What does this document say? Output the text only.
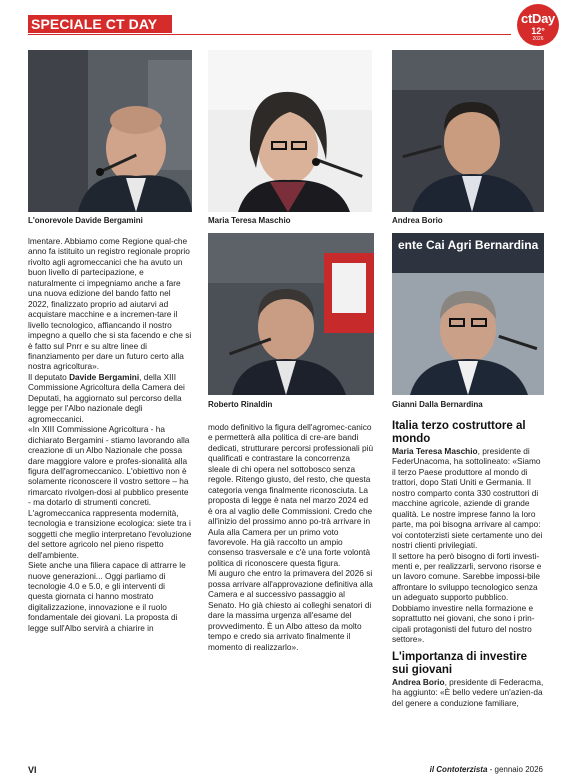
SPECIALE CT DAY	ctDay
12°
2026
L'onorevole Davide Bergamini	Maria Teresa Maschio	Andrea Borio
Roberto Rinaldin
ente Cai Agri Bernardina
Gianni Dalla Bernardina

lmentare. Abbiamo come Regione qual-che anno fa istituito un registro regionale proprio rivolto agli agromeccanici che ha avuto un buon livello di partecipazione, e naturalmente ci impegniamo anche a fare una nuova edizione del bando fatto nel 2022, finalizzato proprio ad aiutarvi ad acquistare macchine e a incremen-tare il livello tecnologico, affiancando il nostro impegno a quello che si sta facendo e che si è fatto sul Pnrr e su altre linee di finanziamento per dare un futuro certo alla nostra agricoltura».

Il deputato Davide Bergamini, della XIII Commissione Agricoltura della Camera dei Deputati, ha aggiornato sul percorso della legge per l'Albo nazionale degli agromeccanici.

«In XIII Commissione Agricoltura - ha dichiarato Bergamini - stiamo lavorando alla creazione di un Albo Nazionale che possa dare maggiore valore e profes-sionalità alla figura dell'agromeccanico. L'obiettivo non è solamente riconoscere il vostro settore – ha rimarcato rivolgen-dosi al pubblico presente - ma dotarlo di strumenti concreti. L'agromeccanica rappresenta modernità, tecnologia e transizione ecologica: siete tra i soggetti che meglio interpretano l'evoluzione del settore agricolo nel pieno rispetto dell'ambiente.

Siete anche una filiera capace di attrarre le nuove generazioni... Oggi parliamo di tecnologie 4.0 e 5.0, e gli interventi di questa giornata ci hanno mostrato digitalizzazione, innovazione e il ruolo fondamentale dei giovani. La proposta di legge sull'Albo servirà a chiarire in

modo definitivo la figura dell'agromec-canico e permetterà alla politica di cre-are bandi dedicati, strutturare percorsi professionali più qualificati e contrastare la concorrenza sleale di chi opera nel sottobosco senza regole. Ritengo giusto, del resto, che questa categoria venga finalmente riconosciuta. La proposta di legge è nata nel marzo 2024 ed è ora al vaglio delle Commissioni. Credo che all'inizio del prossimo anno po-trà arrivare in Aula alla Camera per un primo voto favorevole. Ha già raccolto un ampio consenso trasversale e c'è una forte volontà politica di riconoscere questa figura.

Mi auguro che entro la primavera del 2026 si possa arrivare all'approvazione definitiva alla Camera e al successivo passaggio al Senato. Ho già chiesto ai colleghi senatori di dare la massima urgenza all'esame del provvedimento. È un Albo atteso da molto tempo e credo sia arrivato finalmente il momento di realizzarlo».

Italia terzo costruttore al mondo

Maria Teresa Maschio, presidente di FederUnacoma, ha sottolineato: «Siamo il terzo Paese produttore al mondo di trattori, dopo Stati Uniti e Germania. Il nostro comparto conta 330 costruttori di macchine agricole, aziende di grande qualità. Le nostre imprese fanno la loro parte, ma poi bisogna arrivare al campo: voi contoterzisti siete certamente uno dei nostri clienti privilegiati.

Il settore ha però bisogno di forti investi-menti e, per realizzarli, servono risorse e un lavoro comune. Sarebbe impossi-bile affrontare lo sviluppo tecnologico senza un adeguato supporto pubblico. Dobbiamo investire nella formazione e soprattutto nei giovani, che sono i prin-cipali protagonisti del futuro del nostro settore».

L'importanza di investire sui giovani

Andrea Borio, presidente di Federacma, ha aggiunto: «È bello vedere un'azien-da del genere a conduzione familiare,

VI	il Contoterzista - gennaio 2026
